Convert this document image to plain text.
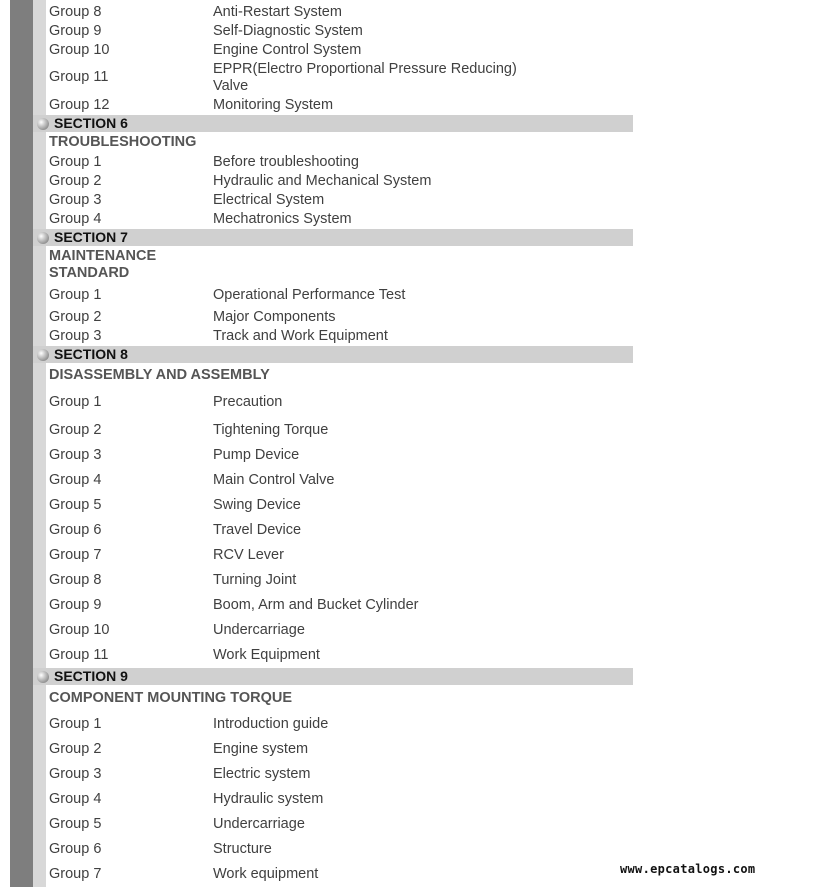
Group 8	Anti-Restart System
Group 9	Self-Diagnostic System
Group 10	Engine Control System
Group 11	EPPR(Electro Proportional Pressure Reducing) Valve
Group 12	Monitoring System
SECTION 6
TROUBLESHOOTING
Group 1	Before troubleshooting
Group 2	Hydraulic and Mechanical System
Group 3	Electrical System
Group 4	Mechatronics System
SECTION 7
MAINTENANCE
STANDARD
Group 1	Operational Performance Test
Group 2	Major Components
Group 3	Track and Work Equipment
SECTION 8
DISASSEMBLY AND ASSEMBLY
Group 1	Precaution
Group 2	Tightening Torque
Group 3	Pump Device
Group 4	Main Control Valve
Group 5	Swing Device
Group 6	Travel Device
Group 7	RCV Lever
Group 8	Turning Joint
Group 9	Boom, Arm and Bucket Cylinder
Group 10	Undercarriage
Group 11	Work Equipment
SECTION 9
COMPONENT MOUNTING TORQUE
Group 1	Introduction guide
Group 2	Engine system
Group 3	Electric system
Group 4	Hydraulic system
Group 5	Undercarriage
Group 6	Structure
Group 7	Work equipment	www.epcatalogs.com
